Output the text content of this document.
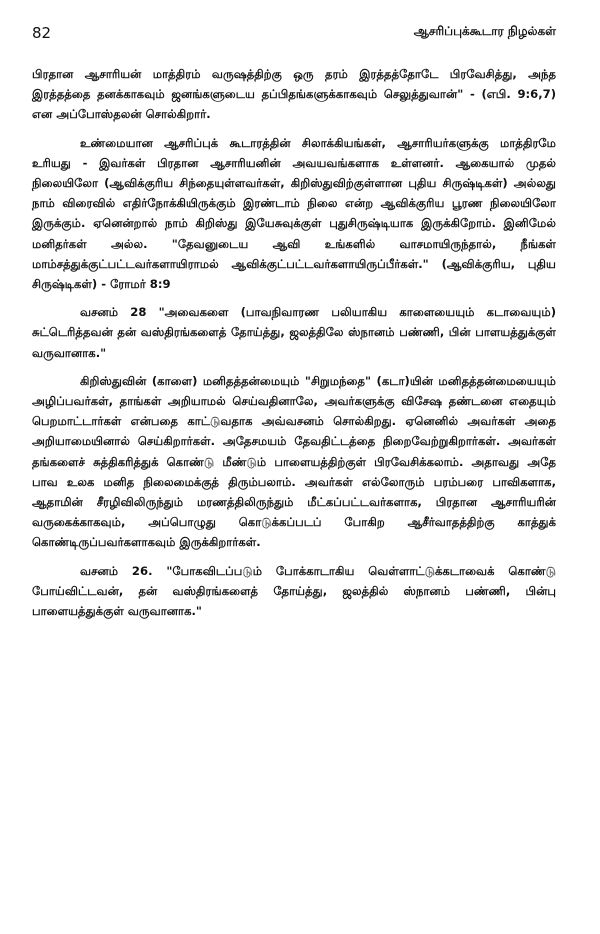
82	ஆசரிப்புக்கூடார நிழல்கள்

பிரதான ஆசாரியன் மாத்திரம் வருஷத்திற்கு ஒரு தரம் இரத்தத்தோடே பிரவேசித்து, அந்த இரத்தத்தை தனக்காகவும் ஜனங்களுடைய தப்பிதங்களுக்காகவும் செலுத்துவான்" - (எபி. 9:6,7) என அப்போஸ்தலன் சொல்கிறார்.

உண்மையான ஆசரிப்புக் கூடாரத்தின் சிலாக்கியங்கள், ஆசாரியர்களுக்கு மாத்திரமே உரியது - இவர்கள் பிரதான ஆசாரியனின் அவயவங்களாக உள்ளனர். ஆகையால் முதல் நிலையிலோ (ஆவிக்குரிய சிந்தையுள்ளவர்கள், கிறிஸ்துவிற்குள்ளான புதிய சிருஷ்டிகள்) அல்லது நாம் விரைவில் எதிர்நோக்கியிருக்கும் இரண்டாம் நிலை என்ற ஆவிக்குரிய பூரண நிலையிலோ இருக்கும். ஏனென்றால் நாம் கிறிஸ்து இயேசுவுக்குள் புதுசிருஷ்டியாக இருக்கிறோம். இனிமேல் மனிதர்கள் அல்ல. "தேவனுடைய ஆவி உங்களில் வாசமாயிருந்தால், நீங்கள் மாம்சத்துக்குட்பட்டவர்களாயிராமல் ஆவிக்குட்பட்டவர்களாயிருப்பீர்கள்." (ஆவிக்குரிய, புதிய சிருஷ்டிகள்) - ரோமர் 8:9

வசனம் 28 "அவைகளை (பாவநிவாரண பலியாகிய காளையையும் கடாவையும்) சுட்டெரித்தவன் தன் வஸ்திரங்களைத் தோய்த்து, ஜலத்திலே ஸ்நானம் பண்ணி, பின் பாளயத்துக்குள் வருவானாக."

கிறிஸ்துவின் (காளை) மனிதத்தன்மையும் "சிறுமந்தை" (கடா)யின் மனிதத்தன்மையையும் அழிப்பவர்கள், தாங்கள் அறியாமல் செய்வதினாலே, அவர்களுக்கு விசேஷ தண்டனை எதையும் பெறமாட்டார்கள் என்பதை காட்டுவதாக அவ்வசனம் சொல்கிறது. ஏனெனில் அவர்கள் அதை அறியாமையினால் செய்கிறார்கள். அதேசமயம் தேவதிட்டத்தை நிறைவேற்றுகிறார்கள். அவர்கள் தங்களைச் சுத்திகரித்துக் கொண்டு மீண்டும் பாளையத்திற்குள் பிரவேசிக்கலாம். அதாவது அதே பாவ உலக மனித நிலைமைக்குத் திரும்பலாம். அவர்கள் எல்லோரும் பரம்பரை பாவிகளாக, ஆதாமின் சீரழிவிலிருந்தும் மரணத்திலிருந்தும் மீட்கப்பட்டவர்களாக, பிரதான ஆசாரியரின் வருகைக்காகவும், அப்பொழுது கொடுக்கப்படப் போகிற ஆசீர்வாதத்திற்கு காத்துக் கொண்டிருப்பவர்களாகவும் இருக்கிறார்கள்.

வசனம் 26. "போகவிடப்படும் போக்காடாகிய வெள்ளாட்டுக்கடாவைக் கொண்டு போய்விட்டவன், தன் வஸ்திரங்களைத் தோய்த்து, ஜலத்தில் ஸ்நானம் பண்ணி, பின்பு பாளையத்துக்குள் வருவானாக."
